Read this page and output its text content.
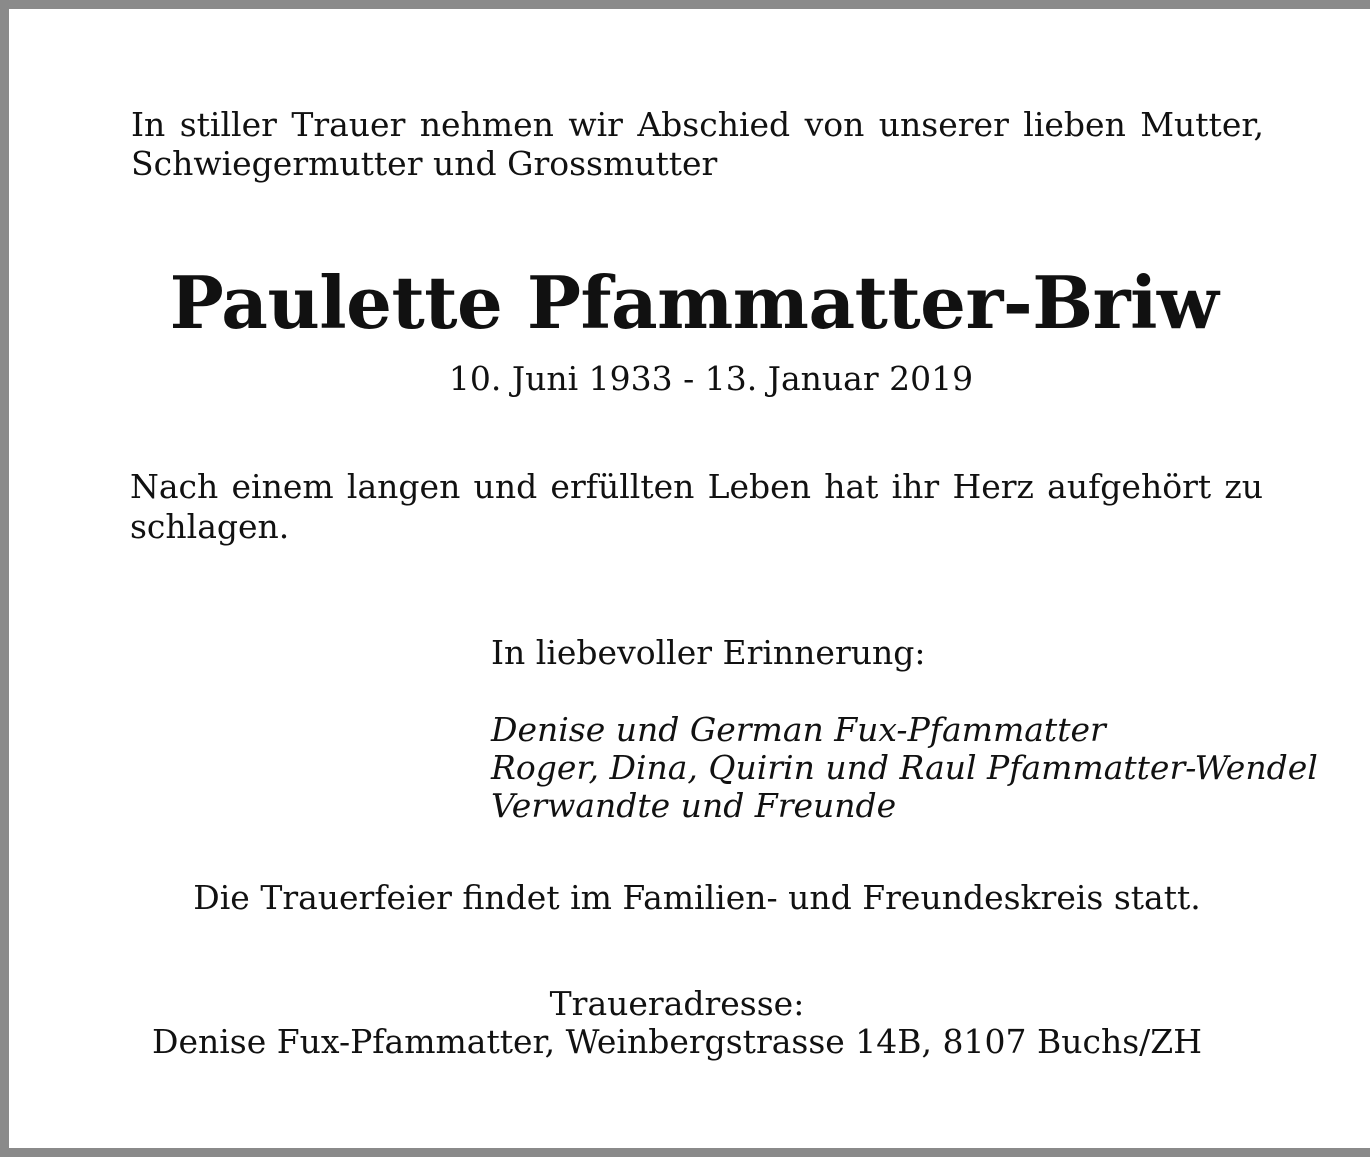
In stiller Trauer nehmen wir Abschied von unserer lieben Mutter, Schwiegermutter und Grossmutter

Paulette Pfammatter-Briw

10. Juni 1933 - 13. Januar 2019

Nach einem langen und erfüllten Leben hat ihr Herz aufgehört zu schlagen.

In liebevoller Erinnerung:

Denise und German Fux-Pfammatter

Roger, Dina, Quirin und Raul Pfammatter-Wendel

Verwandte und Freunde

Die Trauerfeier findet im Familien- und Freundeskreis statt.

Traueradresse:

Denise Fux-Pfammatter, Weinbergstrasse 14B, 8107 Buchs/ZH
